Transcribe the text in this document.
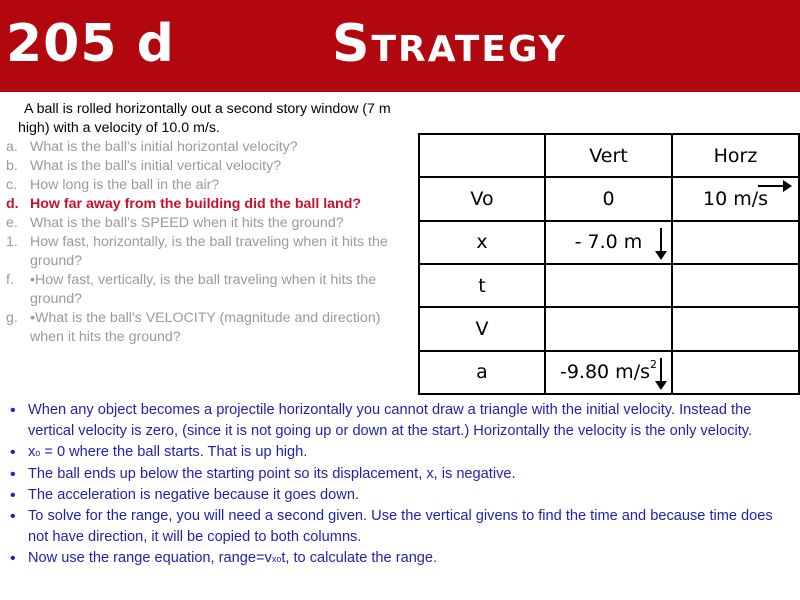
205 d	Strategy
A ball is rolled horizontally out a second story window (7 m high) with a velocity of 10.0 m/s.
a. What is the ball's initial horizontal velocity?
b. What is the ball's initial vertical velocity?
c. How long is the ball in the air?
d. How far away from the building did the ball land?
e. What is the ball’s SPEED when it hits the ground?
1. How fast, horizontally, is the ball traveling when it hits the ground?
f. •How fast, vertically, is the ball traveling when it hits the ground?
g. •What is the ball's VELOCITY (magnitude and direction) when it hits the ground?
	Vert	Horz
Vo	0	10 m/s

x	- 7.0 m

t		
V		
a	-9.80 $m/s^2$

• When any object becomes a projectile horizontally you cannot draw a triangle with the initial velocity. Instead the vertical velocity is zero, (since it is not going up or down at the start.) Horizontally the velocity is the only velocity.
• xo = 0 where the ball starts. That is up high.
• The ball ends up below the starting point so its displacement, x, is negative.
• The acceleration is negative because it goes down.
• To solve for the range, you will need a second given. Use the vertical givens to find the time and because time does not have direction, it will be copied to both columns.
• Now use the range equation, range=vxot, to calculate the range.
